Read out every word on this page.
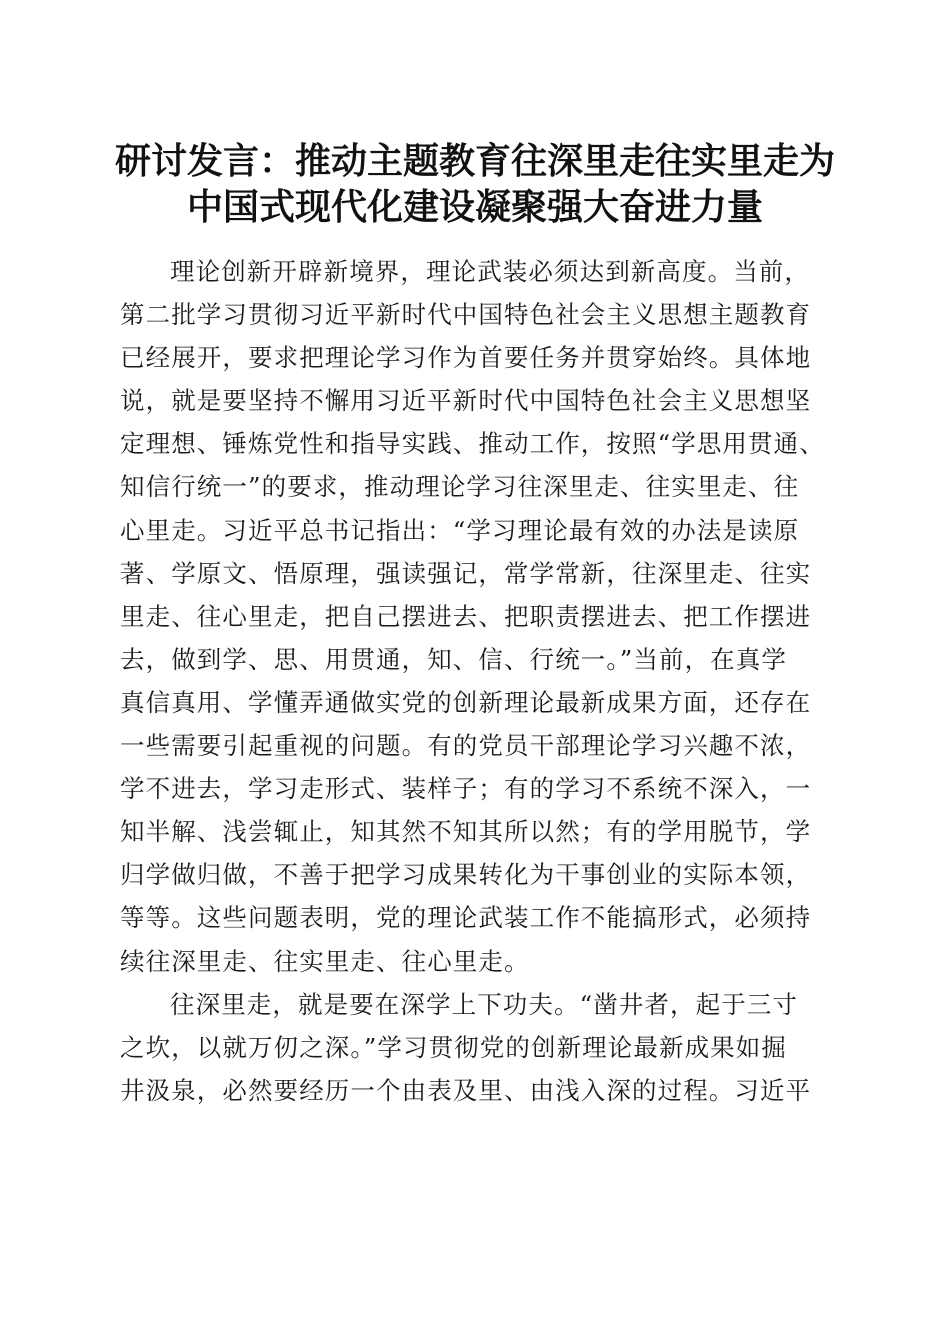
研讨发言：推动主题教育往深里走往实里走为
中国式现代化建设凝聚强大奋进力量
理论创新开辟新境界，理论武装必须达到新高度。当前，
第二批学习贯彻习近平新时代中国特色社会主义思想主题教育
已经展开，要求把理论学习作为首要任务并贯穿始终。具体地
说，就是要坚持不懈用习近平新时代中国特色社会主义思想坚
定理想、锤炼党性和指导实践、推动工作，按照“学思用贯通、
知信行统一”的要求，推动理论学习往深里走、往实里走、往
心里走。习近平总书记指出：“学习理论最有效的办法是读原
著、学原文、悟原理，强读强记，常学常新，往深里走、往实
里走、往心里走，把自己摆进去、把职责摆进去、把工作摆进
去，做到学、思、用贯通，知、信、行统一。”当前，在真学
真信真用、学懂弄通做实党的创新理论最新成果方面，还存在
一些需要引起重视的问题。有的党员干部理论学习兴趣不浓，
学不进去，学习走形式、装样子；有的学习不系统不深入，一
知半解、浅尝辄止，知其然不知其所以然；有的学用脱节，学
归学做归做，不善于把学习成果转化为干事创业的实际本领，
等等。这些问题表明，党的理论武装工作不能搞形式，必须持
续往深里走、往实里走、往心里走。
往深里走，就是要在深学上下功夫。“凿井者，起于三寸
之坎，以就万仞之深。”学习贯彻党的创新理论最新成果如掘
井汲泉，必然要经历一个由表及里、由浅入深的过程。习近平
